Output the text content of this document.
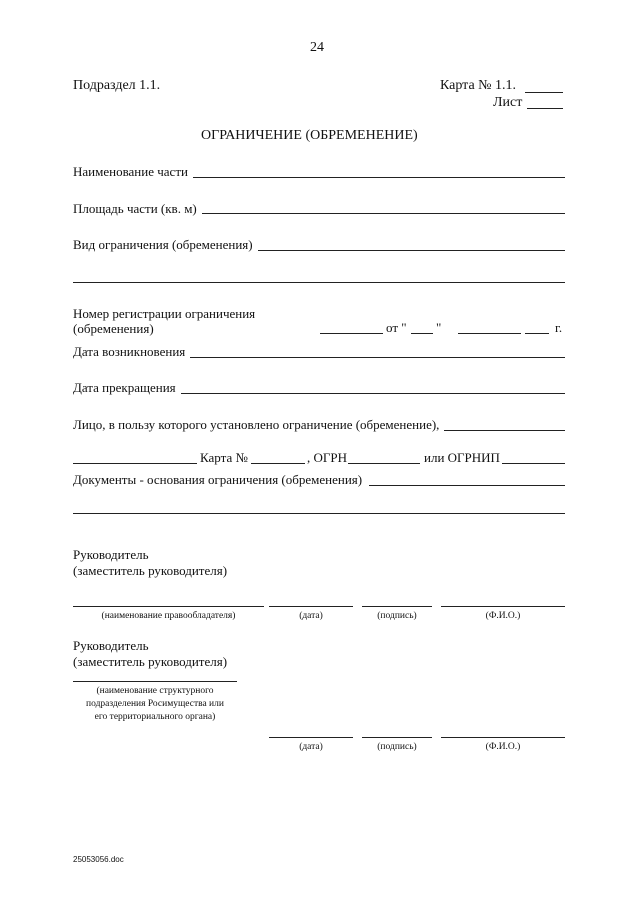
24
Подраздел 1.1.	Карта № 1.1.
Лист
ОГРАНИЧЕНИЕ (ОБРЕМЕНЕНИЕ)
Наименование части
Площадь части (кв. м)
Вид ограничения (обременения)
Номер регистрации ограничения
(обременения)	от " "	г.
Дата возникновения
Дата прекращения
Лицо, в пользу которого установлено ограничение (обременение),
Карта №	, ОГРН	или ОГРНИП
Документы - основания ограничения (обременения)
Руководитель
(заместитель руководителя)
(наименование правообладателя)	(дата)	(подпись)	(Ф.И.О.)
Руководитель
(заместитель руководителя)
(наименование структурного
подразделения Росимущества или
его территориального органа)
(дата)	(подпись)	(Ф.И.О.)
25053056.doc
